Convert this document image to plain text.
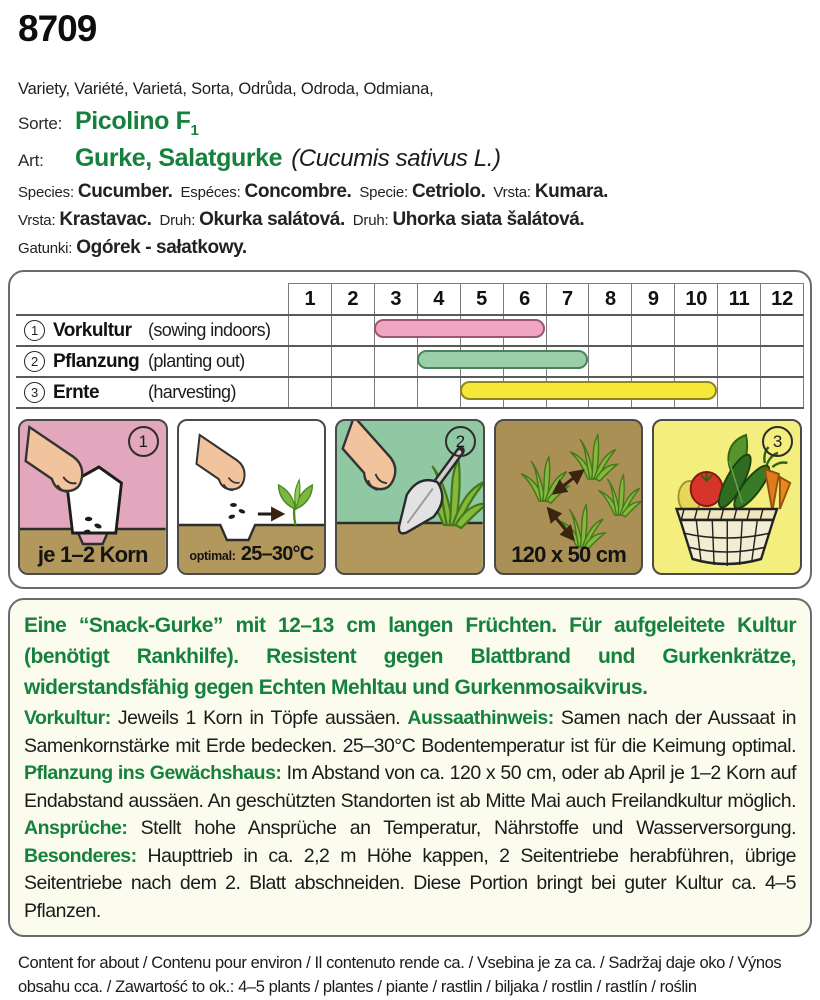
8709
Variety, Variété, Varietá, Sorta, Odrůda, Odroda, Odmiana,
Sorte: Picolino $F_1$
Art:	Gurke, Salatgurke (Cucumis sativus L.)
Species: Cucumber. Espéces: Concombre. Specie: Cetriolo. Vrsta: Kumara.
Vrsta: Krastavac. Druh: Okurka salátová. Druh: Uhorka siata šalátová.
Gatunki: Ogórek - sałatkowy.
1	2	3	4	5	6	7	8	9	10	11	12
1 Vorkultur (sowing indoors)
2 Pflanzung (planting out)
3 Ernte	(harvesting)
1
je 1–2 Korn	optimal: 25–30°C
2
120 x 50 cm
3

Eine “Snack-Gurke” mit 12–13 cm langen Früchten. Für aufgeleitete Kultur (benötigt Rankhilfe). Resistent gegen Blattbrand und Gurkenkrätze, widerstandsfähig gegen Echten Mehltau und Gurkenmosaikvirus.

Vorkultur: Jeweils 1 Korn in Töpfe aussäen. Aussaathinweis: Samen nach der Aussaat in Samenkornstärke mit Erde bedecken. 25–30°C Bodentemperatur ist für die Keimung optimal. Pflanzung ins Gewächshaus: Im Abstand von ca. 120 x 50 cm, oder ab April je 1–2 Korn auf Endabstand aussäen. An geschützten Standorten ist ab Mitte Mai auch Freilandkultur möglich. Ansprüche: Stellt hohe Ansprüche an Temperatur, Nährstoffe und Wasserversorgung. Besonderes: Haupttrieb in ca. 2,2 m Höhe kappen, 2 Seitentriebe herabführen, übrige Seitentriebe nach dem 2. Blatt abschneiden. Diese Portion bringt bei guter Kultur ca. 4–5 Pflanzen.

Content for about / Contenu pour environ / Il contenuto rende ca. / Vsebina je za ca. / Sadržaj daje oko / Výnos obsahu cca. / Zawartość to ok.: 4–5 plants / plantes / piante / rastlin / biljaka / rostlin / rastlín / roślin
